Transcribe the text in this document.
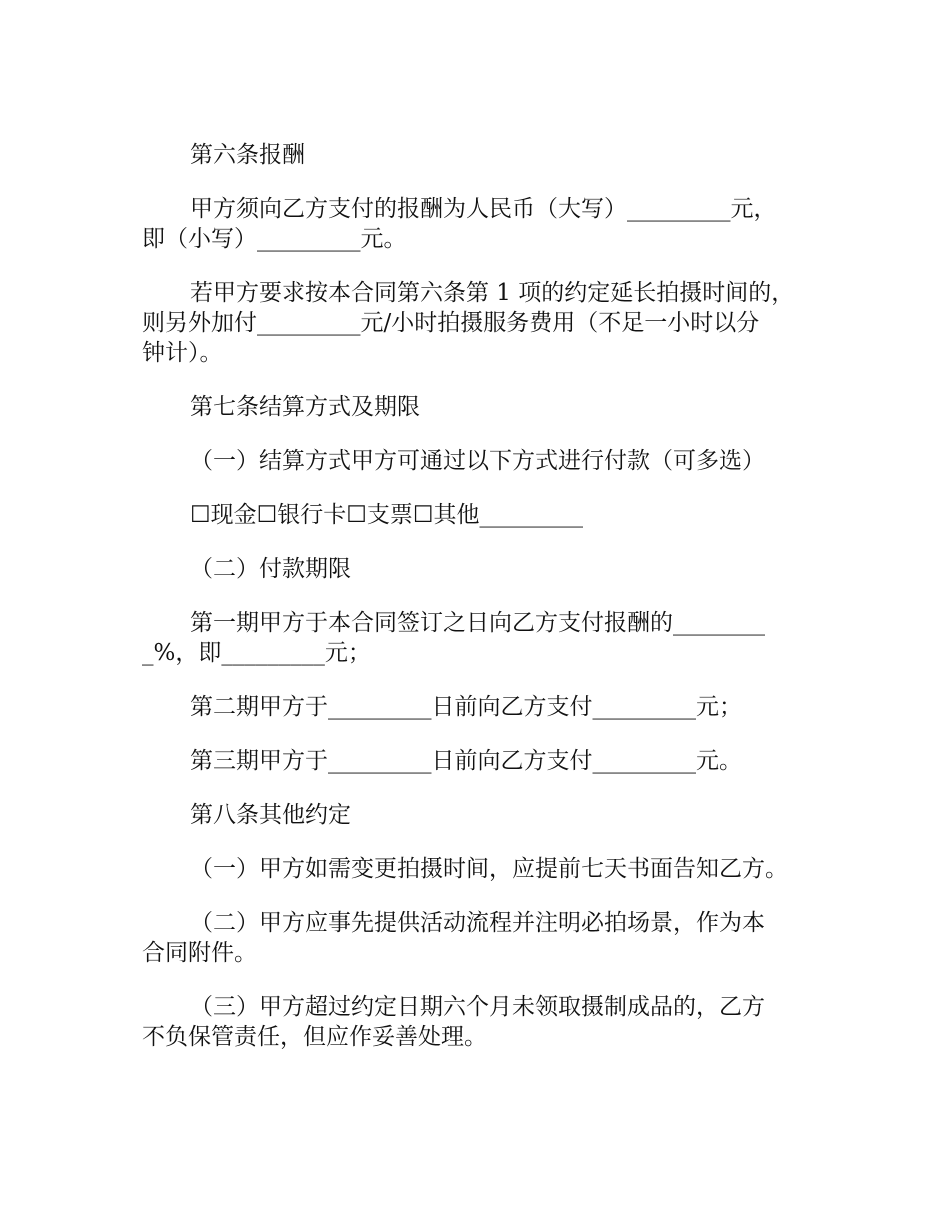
第六条报酬

甲方须向乙方支付的报酬为人民币（大写）_________元，
即（小写）_________元。

若甲方要求按本合同第六条第 1 项的约定延长拍摄时间的，
则另外加付_________元/小时拍摄服务费用（不足一小时以分
钟计）。

第七条结算方式及期限

（一）结算方式甲方可通过以下方式进行付款（可多选）

☐现金☐银行卡☐支票☐其他_________

（二）付款期限

第一期甲方于本合同签订之日向乙方支付报酬的________
_%，即_________元；

第二期甲方于_________日前向乙方支付_________元；

第三期甲方于_________日前向乙方支付_________元。

第八条其他约定

（一）甲方如需变更拍摄时间，应提前七天书面告知乙方。

（二）甲方应事先提供活动流程并注明必拍场景，作为本
合同附件。

（三）甲方超过约定日期六个月未领取摄制成品的，乙方
不负保管责任，但应作妥善处理。
